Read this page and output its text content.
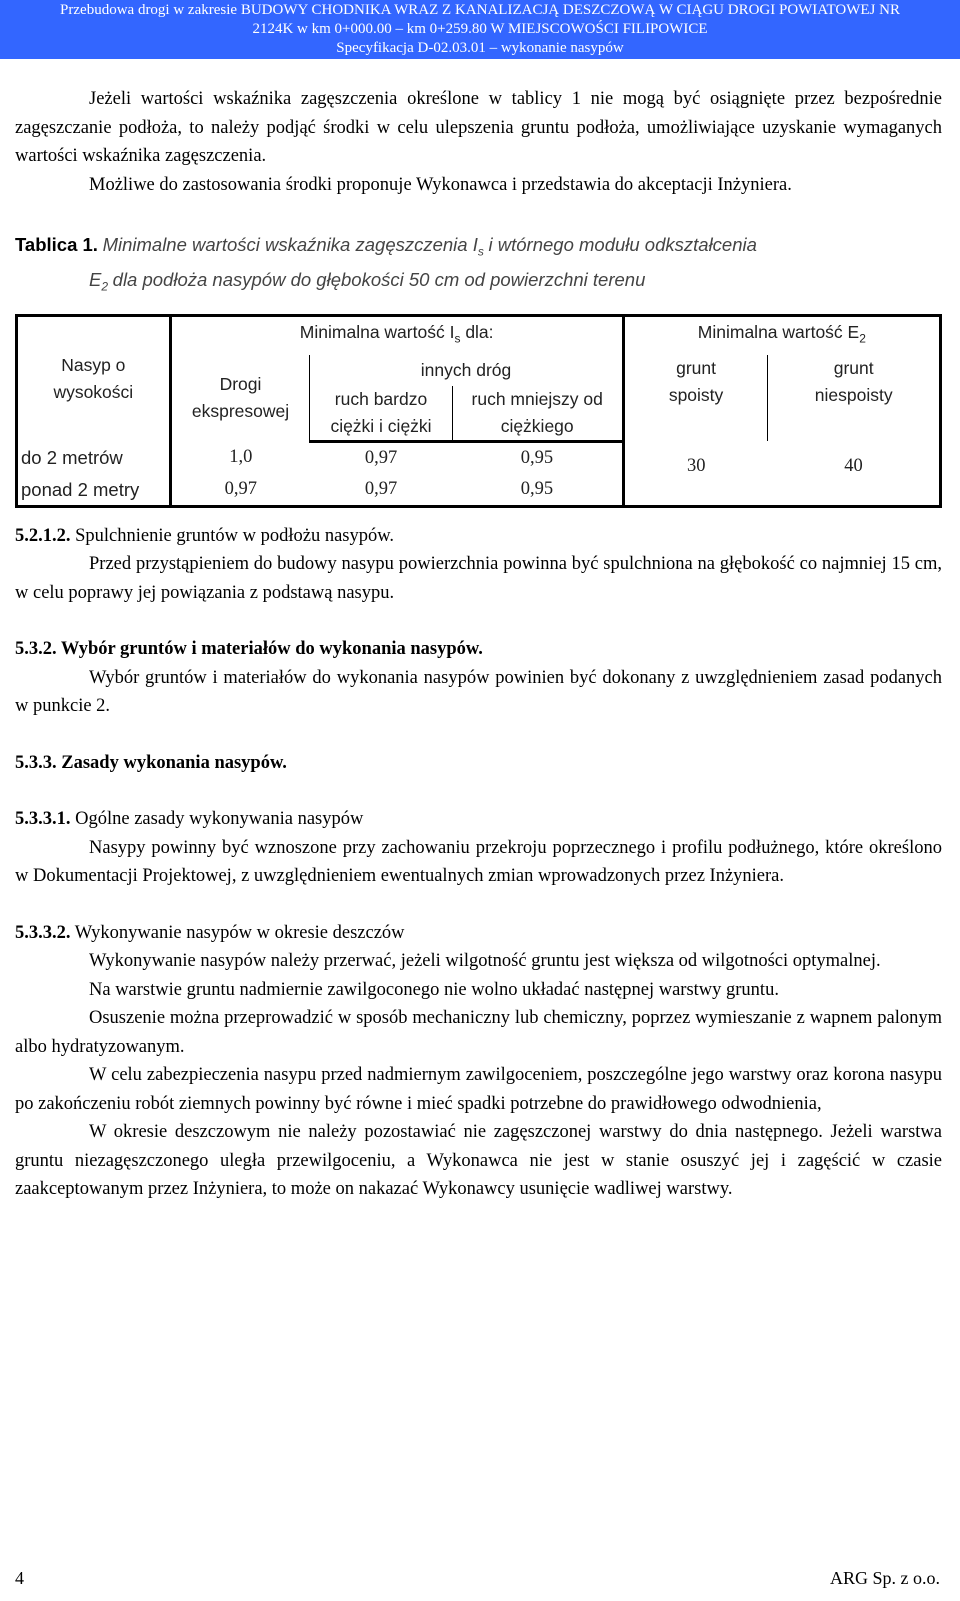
Przebudowa drogi w zakresie BUDOWY CHODNIKA WRAZ Z KANALIZACJĄ DESZCZOWĄ W CIĄGU DROGI POWIATOWEJ NR
2124K w km 0+000.00 – km 0+259.80 W MIEJSCOWOŚCI FILIPOWICE
Specyfikacja D-02.03.01 – wykonanie nasypów

Jeżeli wartości wskaźnika zagęszczenia określone w tablicy 1 nie mogą być osiągnięte przez bezpośrednie zagęszczanie podłoża, to należy podjąć środki w celu ulepszenia gruntu podłoża, umożliwiające uzyskanie wymaganych wartości wskaźnika zagęszczenia.

Możliwe do zastosowania środki proponuje Wykonawca i przedstawia do akceptacji Inżyniera.

Tablica 1. Minimalne wartości wskaźnika zagęszczenia $I_s$ i wtórnego modułu odkształcenia
$E_2$ dla podłoża nasypów do głębokości 50 cm od powierzchni terenu
Nasyp o wysokości	Minimalna wartość $I_s$ dla:			Minimalna wartość $E_2$
	Drogi ekspresowej	innych dróg		grunt spoisty	grunt niespoisty
		ruch bardzo ciężki i ciężki	ruch mniejszy od ciężkiego	
do 2 metrów	1,0	0,97	0,95	30	40
ponad 2 metry	0,97	0,97	0,95		

5.2.1.2. Spulchnienie gruntów w podłożu nasypów.

Przed przystąpieniem do budowy nasypu powierzchnia powinna być spulchniona na głębokość co najmniej 15 cm, w celu poprawy jej powiązania z podstawą nasypu.

5.3.2. Wybór gruntów i materiałów do wykonania nasypów.

Wybór gruntów i materiałów do wykonania nasypów powinien być dokonany z uwzględnieniem zasad podanych w punkcie 2.

5.3.3. Zasady wykonania nasypów.

5.3.3.1. Ogólne zasady wykonywania nasypów

Nasypy powinny być wznoszone przy zachowaniu przekroju poprzecznego i profilu podłużnego, które określono w Dokumentacji Projektowej, z uwzględnieniem ewentualnych zmian wprowadzonych przez Inżyniera.

5.3.3.2. Wykonywanie nasypów w okresie deszczów

Wykonywanie nasypów należy przerwać, jeżeli wilgotność gruntu jest większa od wilgotności optymalnej.

Na warstwie gruntu nadmiernie zawilgoconego nie wolno układać następnej warstwy gruntu.

Osuszenie można przeprowadzić w sposób mechaniczny lub chemiczny, poprzez wymieszanie z wapnem palonym albo hydratyzowanym.

W celu zabezpieczenia nasypu przed nadmiernym zawilgoceniem, poszczególne jego warstwy oraz korona nasypu po zakończeniu robót ziemnych powinny być równe i mieć spadki potrzebne do prawidłowego odwodnienia,

W okresie deszczowym nie należy pozostawiać nie zagęszczonej warstwy do dnia następnego. Jeżeli warstwa gruntu niezagęszczonego uległa przewilgoceniu, a Wykonawca nie jest w stanie osuszyć jej i zagęścić w czasie zaakceptowanym przez Inżyniera, to może on nakazać Wykonawcy usunięcie wadliwej warstwy.

4	ARG Sp. z o.o.
